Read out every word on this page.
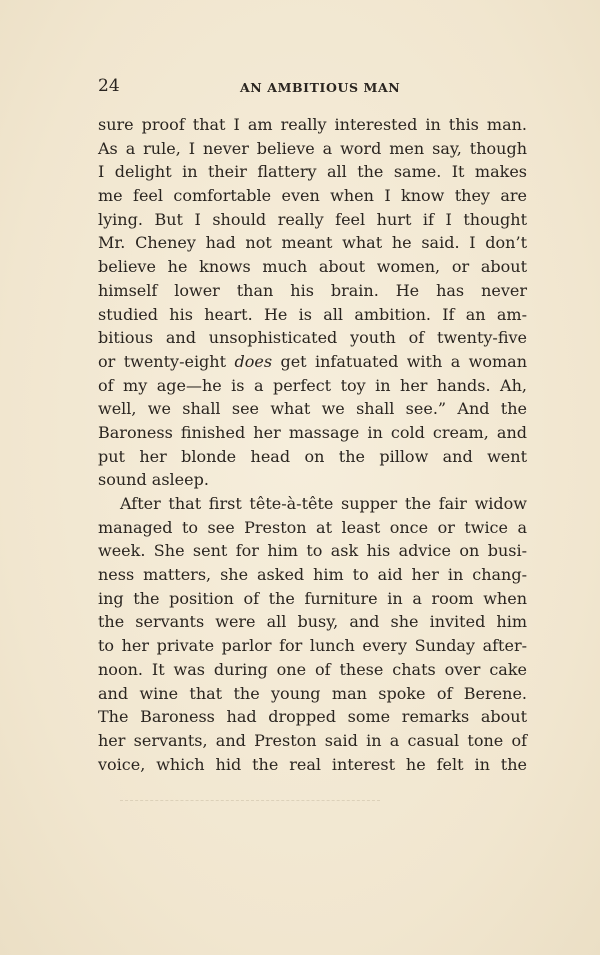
24	AN AMBITIOUS MAN
sure proof that I am really interested in this man.
As a rule, I never believe a word men say, though
I delight in their flattery all the same. It makes
me feel comfortable even when I know they are
lying. But I should really feel hurt if I thought
Mr. Cheney had not meant what he said. I don’t
believe he knows much about women, or about
himself lower than his brain. He has never
studied his heart. He is all ambition. If an am-
bitious and unsophisticated youth of twenty-five
or twenty-eight does get infatuated with a woman
of my age—he is a perfect toy in her hands. Ah,
well, we shall see what we shall see.” And the
Baroness finished her massage in cold cream, and
put her blonde head on the pillow and went
sound asleep.
After that first tête-à-tête supper the fair widow
managed to see Preston at least once or twice a
week. She sent for him to ask his advice on busi-
ness matters, she asked him to aid her in chang-
ing the position of the furniture in a room when
the servants were all busy, and she invited him
to her private parlor for lunch every Sunday after-
noon. It was during one of these chats over cake
and wine that the young man spoke of Berene.
The Baroness had dropped some remarks about
her servants, and Preston said in a casual tone of
voice, which hid the real interest he felt in the
